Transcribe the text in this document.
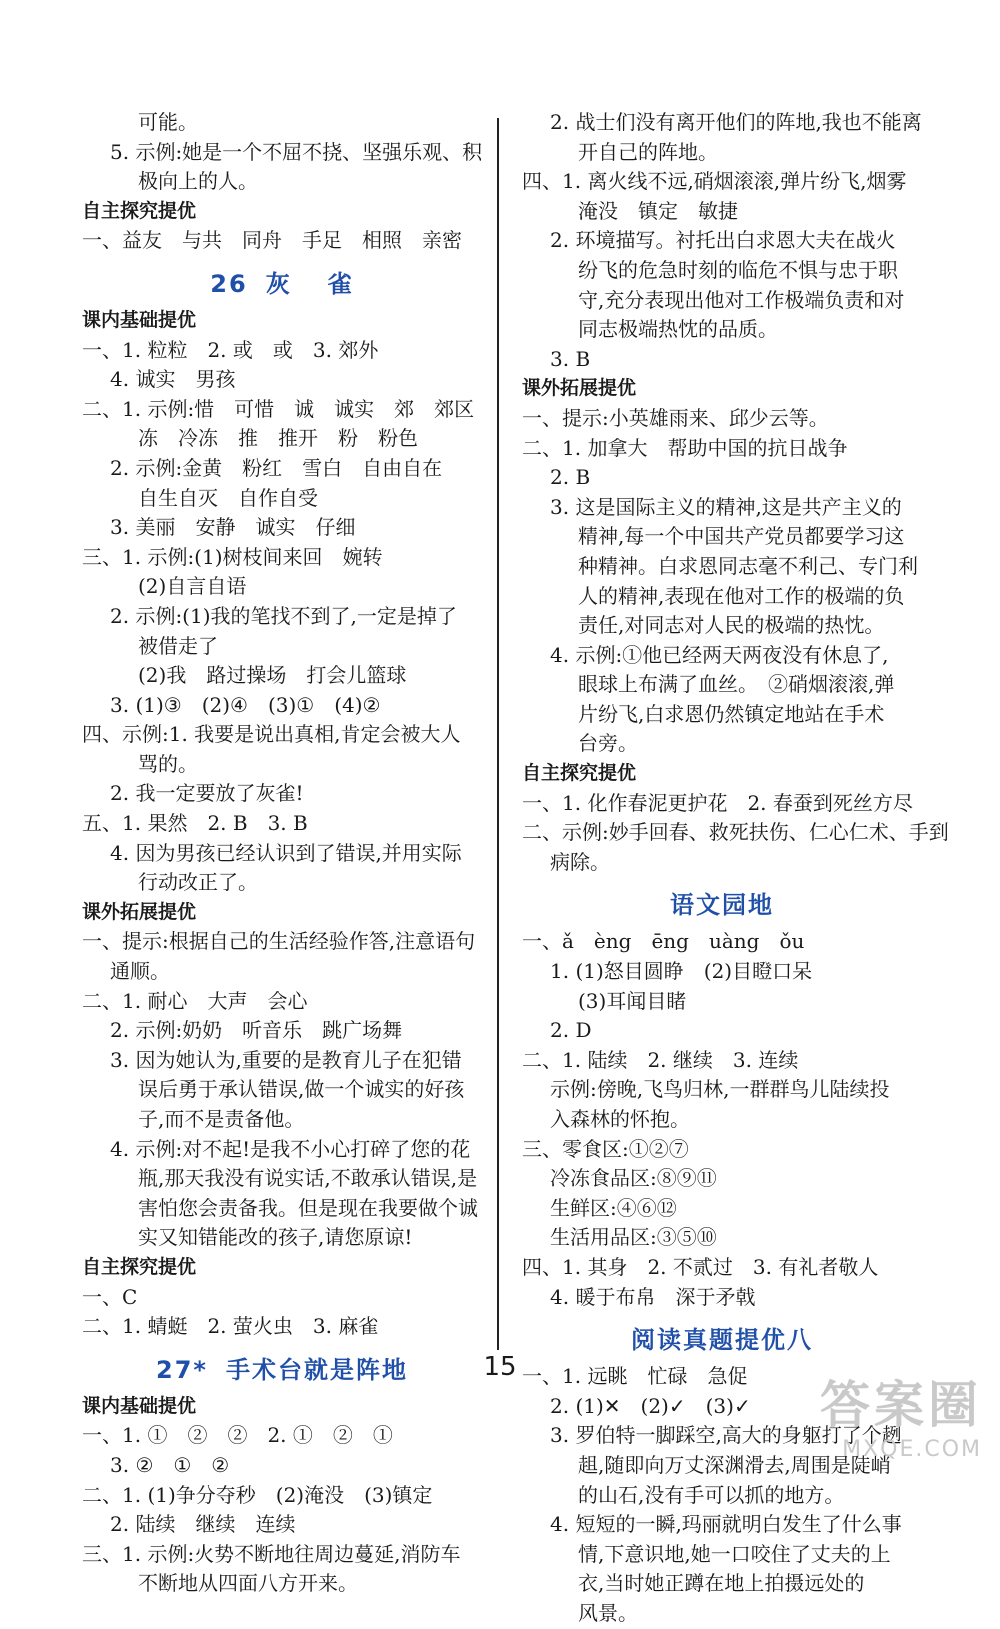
可能。
5. 示例:她是一个不屈不挠、坚强乐观、积
极向上的人。
自主探究提优
一、益友　与共　同舟　手足　相照　亲密
26 灰 雀
课内基础提优
一、1. 粒粒　2. 或　或　3. 郊外
4. 诚实　男孩
二、1. 示例:惜　可惜　诚　诚实　郊　郊区
冻　冷冻　推　推开　粉　粉色
2. 示例:金黄　粉红　雪白　自由自在
自生自灭　自作自受
3. 美丽　安静　诚实　仔细
三、1. 示例:(1)树枝间来回　婉转
(2)自言自语
2. 示例:(1)我的笔找不到了,一定是掉了
被借走了
(2)我　路过操场　打会儿篮球
3. (1)③　(2)④　(3)①　(4)②
四、示例:1. 我要是说出真相,肯定会被大人
骂的。
2. 我一定要放了灰雀!
五、1. 果然　2. B　3. B
4. 因为男孩已经认识到了错误,并用实际
行动改正了。
课外拓展提优
一、提示:根据自己的生活经验作答,注意语句
通顺。
二、1. 耐心　大声　会心
2. 示例:奶奶　听音乐　跳广场舞
3. 因为她认为,重要的是教育儿子在犯错
误后勇于承认错误,做一个诚实的好孩
子,而不是责备他。
4. 示例:对不起!是我不小心打碎了您的花
瓶,那天我没有说实话,不敢承认错误,是
害怕您会责备我。但是现在我要做个诚
实又知错能改的孩子,请您原谅!
自主探究提优
一、C
二、1. 蜻蜓　2. 萤火虫　3. 麻雀
27* 手术台就是阵地
课内基础提优
一、1. ①　②　②　2. ①　②　①
3. ②　①　②
二、1. (1)争分夺秒　(2)淹没　(3)镇定
2. 陆续　继续　连续
三、1. 示例:火势不断地往周边蔓延,消防车
不断地从四面八方开来。
2. 战士们没有离开他们的阵地,我也不能离
开自己的阵地。
四、1. 离火线不远,硝烟滚滚,弹片纷飞,烟雾
淹没　镇定　敏捷
2. 环境描写。衬托出白求恩大夫在战火
纷飞的危急时刻的临危不惧与忠于职
守,充分表现出他对工作极端负责和对
同志极端热忱的品质。
3. B
课外拓展提优
一、提示:小英雄雨来、邱少云等。
二、1. 加拿大　帮助中国的抗日战争
2. B
3. 这是国际主义的精神,这是共产主义的
精神,每一个中国共产党员都要学习这
种精神。白求恩同志毫不利己、专门利
人的精神,表现在他对工作的极端的负
责任,对同志对人民的极端的热忱。
4. 示例:①他已经两天两夜没有休息了,
眼球上布满了血丝。　②硝烟滚滚,弹
片纷飞,白求恩仍然镇定地站在手术
台旁。
自主探究提优
一、1. 化作春泥更护花　2. 春蚕到死丝方尽
二、示例:妙手回春、救死扶伤、仁心仁术、手到
病除。
语文园地
一、ǎ　èng　ēng　uàng　ǒu
1. (1)怒目圆睁　(2)目瞪口呆
(3)耳闻目睹
2. D
二、1. 陆续　2. 继续　3. 连续
示例:傍晚,飞鸟归林,一群群鸟儿陆续投
入森林的怀抱。
三、零食区:①②⑦
冷冻食品区:⑧⑨⑪
生鲜区:④⑥⑫
生活用品区:③⑤⑩
四、1. 其身　2. 不贰过　3. 有礼者敬人
4. 暖于布帛　深于矛戟
阅读真题提优八
一、1. 远眺　忙碌　急促
2. (1)✕　(2)✓　(3)✓
3. 罗伯特一脚踩空,高大的身躯打了个趔
趄,随即向万丈深渊滑去,周围是陡峭
的山石,没有手可以抓的地方。
4. 短短的一瞬,玛丽就明白发生了什么事
情,下意识地,她一口咬住了丈夫的上
衣,当时她正蹲在地上拍摄远处的
风景。
15
答案圈
MXQE.COM
